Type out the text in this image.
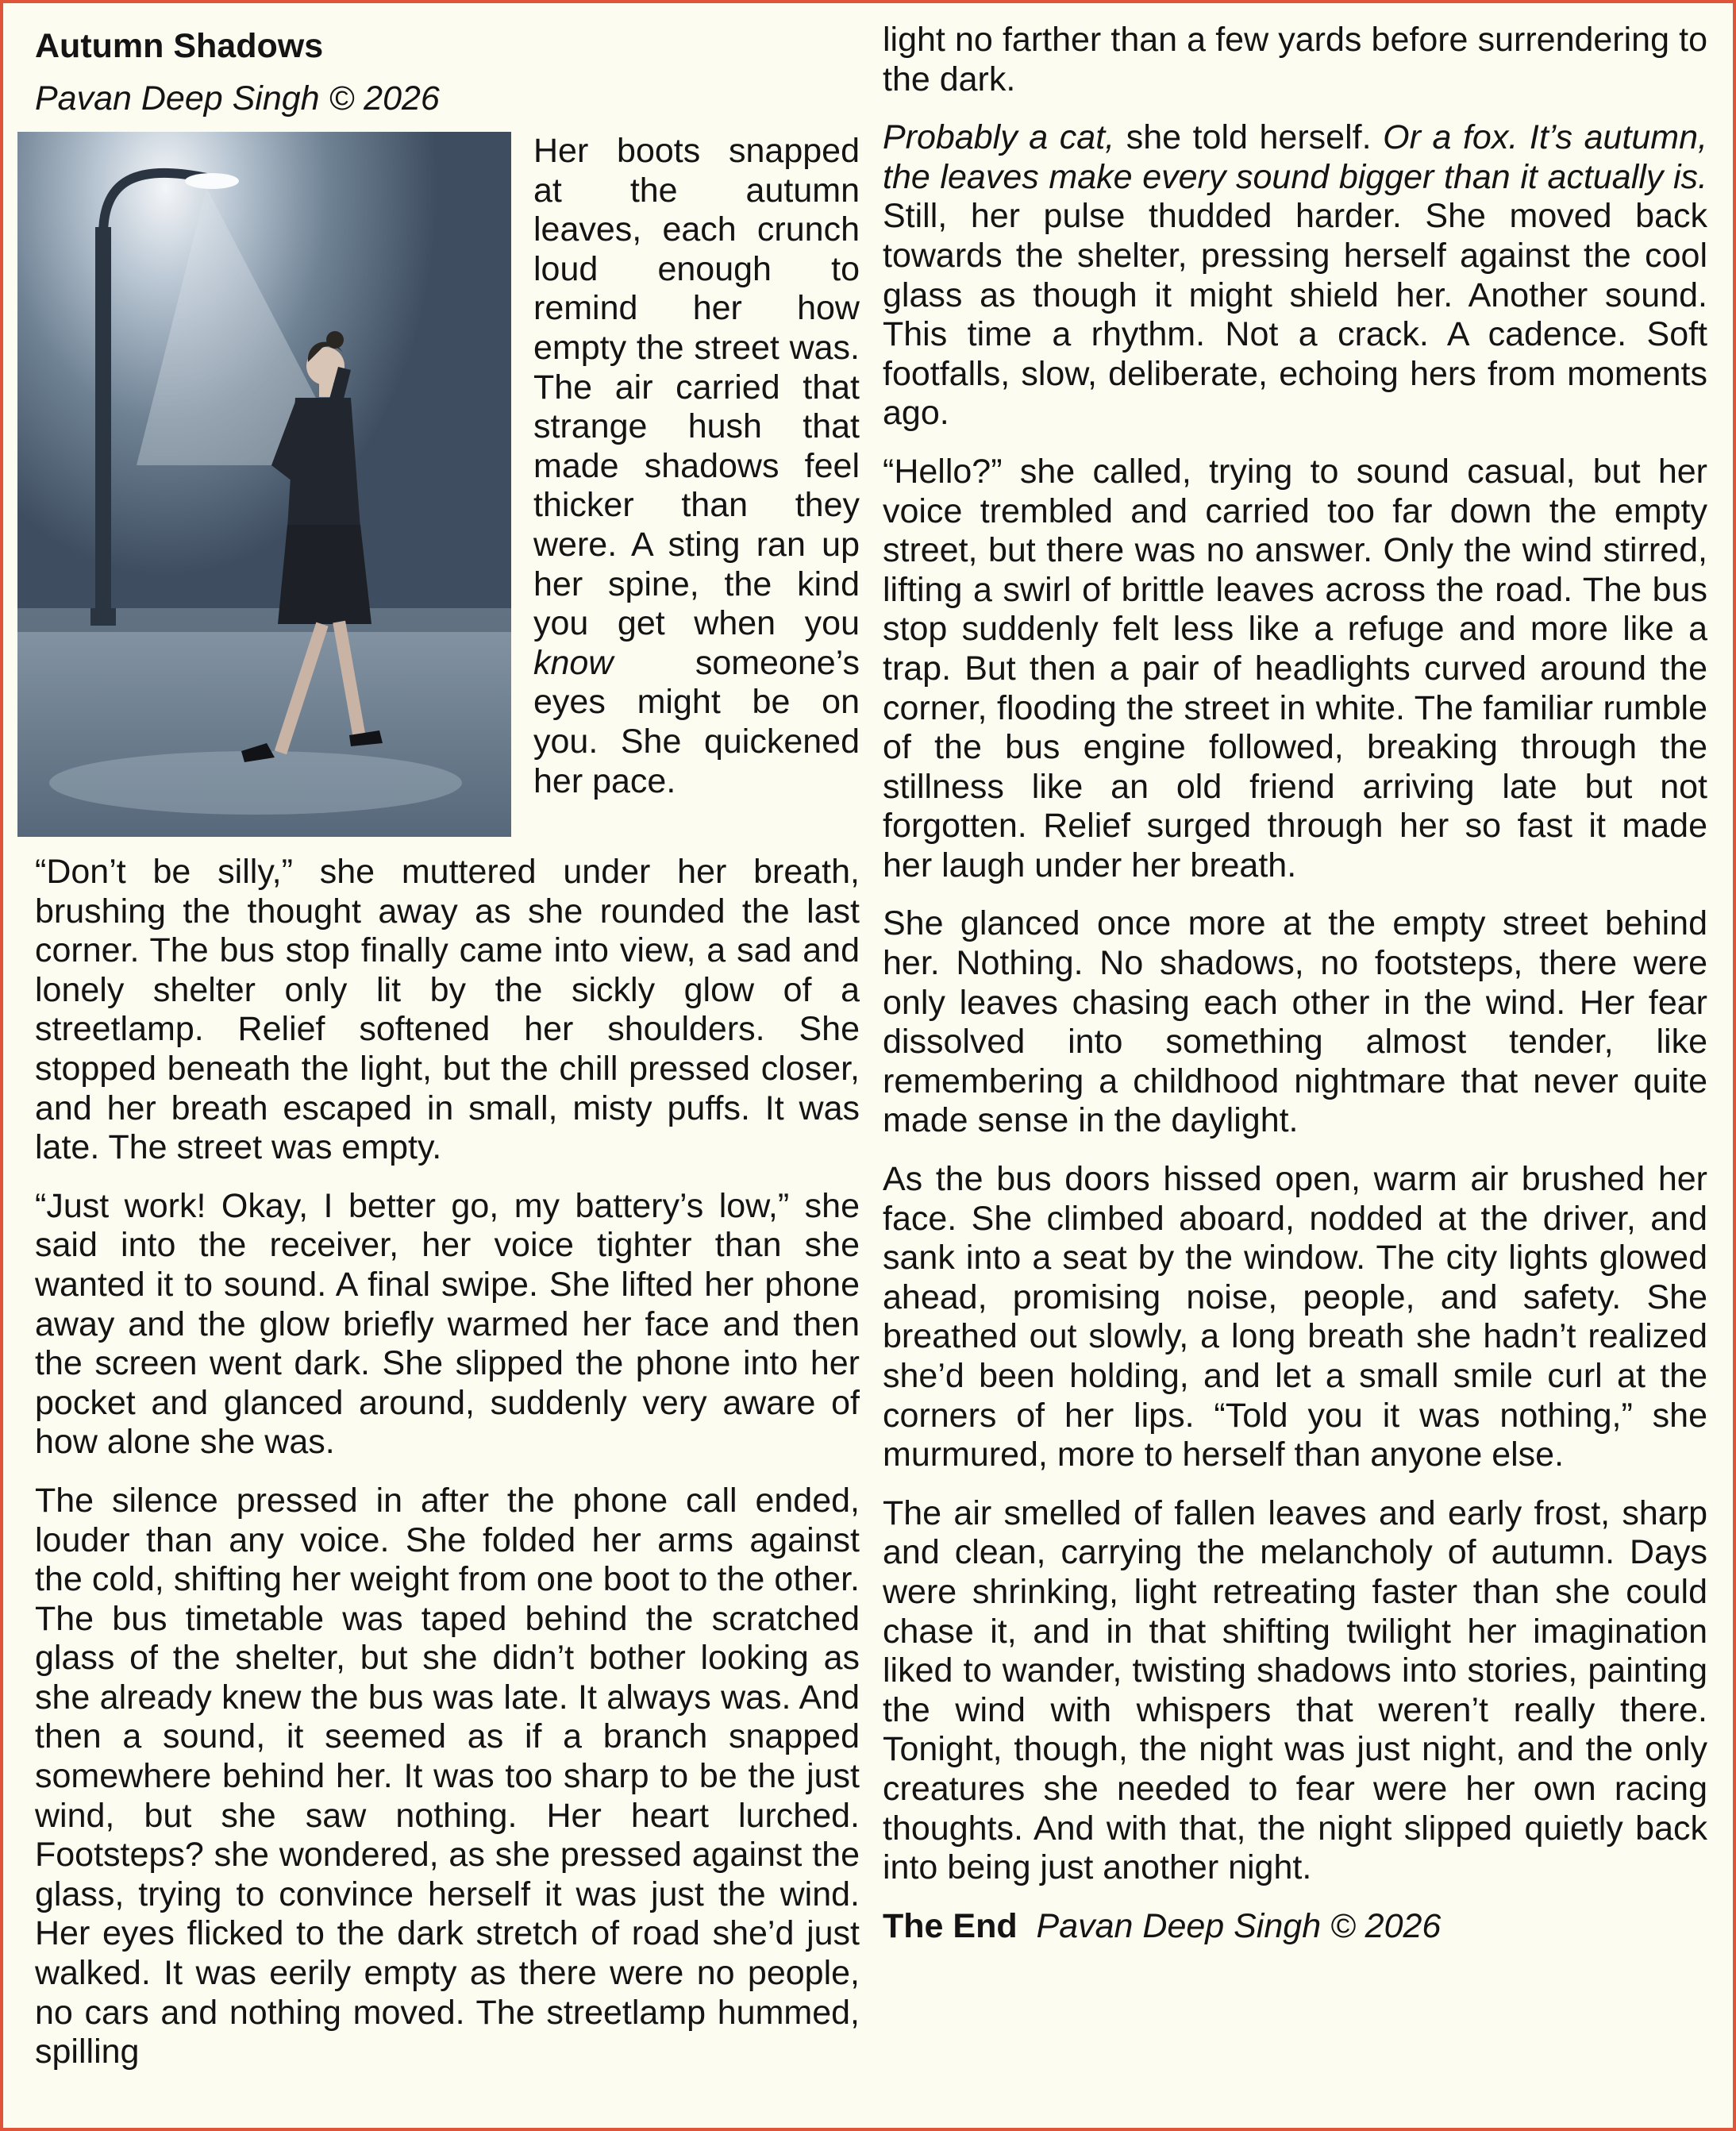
Autumn Shadows
Pavan Deep Singh © 2026

Her boots snapped at the autumn leaves, each crunch loud enough to remind her how empty the street was. The air carried that strange hush that made shadows feel thicker than they were. A sting ran up her spine, the kind you get when you know someone’s eyes might be on you. She quickened her pace.

“Don’t be silly,” she muttered under her breath, brushing the thought away as she rounded the last corner. The bus stop finally came into view, a sad and lonely shelter only lit by the sickly glow of a streetlamp. Relief softened her shoulders. She stopped beneath the light, but the chill pressed closer, and her breath escaped in small, misty puffs. It was late. The street was empty.

“Just work! Okay, I better go, my battery’s low,” she said into the receiver, her voice tighter than she wanted it to sound. A final swipe. She lifted her phone away and the glow briefly warmed her face and then the screen went dark. She slipped the phone into her pocket and glanced around, suddenly very aware of how alone she was.

The silence pressed in after the phone call ended, louder than any voice. She folded her arms against the cold, shifting her weight from one boot to the other. The bus timetable was taped behind the scratched glass of the shelter, but she didn’t bother looking as she already knew the bus was late. It always was. And then a sound, it seemed as if a branch snapped somewhere behind her. It was too sharp to be the just wind, but she saw nothing. Her heart lurched. Footsteps? she wondered, as she pressed against the glass, trying to convince herself it was just the wind. Her eyes flicked to the dark stretch of road she’d just walked. It was eerily empty as there were no people, no cars and nothing moved. The streetlamp hummed, spilling

light no farther than a few yards before surrendering to the dark.

Probably a cat, she told herself. Or a fox. It’s autumn, the leaves make every sound bigger than it actually is. Still, her pulse thudded harder. She moved back towards the shelter, pressing herself against the cool glass as though it might shield her. Another sound. This time a rhythm. Not a crack. A cadence. Soft footfalls, slow, deliberate, echoing hers from moments ago.

“Hello?” she called, trying to sound casual, but her voice trembled and carried too far down the empty street, but there was no answer. Only the wind stirred, lifting a swirl of brittle leaves across the road. The bus stop suddenly felt less like a refuge and more like a trap. But then a pair of headlights curved around the corner, flooding the street in white. The familiar rumble of the bus engine followed, breaking through the stillness like an old friend arriving late but not forgotten. Relief surged through her so fast it made her laugh under her breath.

She glanced once more at the empty street behind her. Nothing. No shadows, no footsteps, there were only leaves chasing each other in the wind. Her fear dissolved into something almost tender, like remembering a childhood nightmare that never quite made sense in the daylight.

As the bus doors hissed open, warm air brushed her face. She climbed aboard, nodded at the driver, and sank into a seat by the window. The city lights glowed ahead, promising noise, people, and safety. She breathed out slowly, a long breath she hadn’t realized she’d been holding, and let a small smile curl at the corners of her lips. “Told you it was nothing,” she murmured, more to herself than anyone else.

The air smelled of fallen leaves and early frost, sharp and clean, carrying the melancholy of autumn. Days were shrinking, light retreating faster than she could chase it, and in that shifting twilight her imagination liked to wander, twisting shadows into stories, painting the wind with whispers that weren’t really there. Tonight, though, the night was just night, and the only creatures she needed to fear were her own racing thoughts. And with that, the night slipped quietly back into being just another night.

The End Pavan Deep Singh © 2026
